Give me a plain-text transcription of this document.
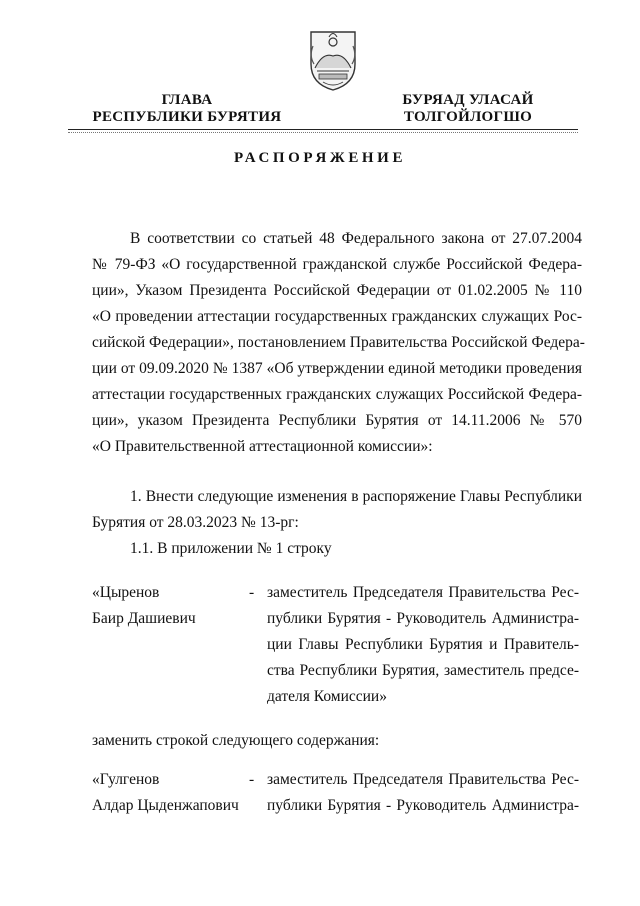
ГЛАВА
РЕСПУБЛИКИ БУРЯТИЯ
БУРЯАД УЛАСАЙ
ТОЛГОЙЛОГШО
РАСПОРЯЖЕНИЕ
В соответствии со статьей 48 Федерального закона от 27.07.2004
№ 79-ФЗ «О государственной гражданской службе Российской Федера-
ции», Указом Президента Российской Федерации от 01.02.2005 № 110
«О проведении аттестации государственных гражданских служащих Рос-
сийской Федерации», постановлением Правительства Российской Федера-
ции от 09.09.2020 № 1387 «Об утверждении единой методики проведения
аттестации государственных гражданских служащих Российской Федера-
ции», указом Президента Республики Бурятия от 14.11.2006 № 570
«О Правительственной аттестационной комиссии»:
1. Внести следующие изменения в распоряжение Главы Республики
Бурятия от 28.03.2023 № 13-рг:
1.1. В приложении № 1 строку
«Цыренов
Баир Дашиевич
- заместитель Председателя Правительства Рес-
публики Бурятия - Руководитель Администра-
ции Главы Республики Бурятия и Правитель-
ства Республики Бурятия, заместитель предсе-
дателя Комиссии»
заменить строкой следующего содержания:
«Гулгенов
Алдар Цыденжапович
- заместитель Председателя Правительства Рес-
публики Бурятия - Руководитель Администра-
